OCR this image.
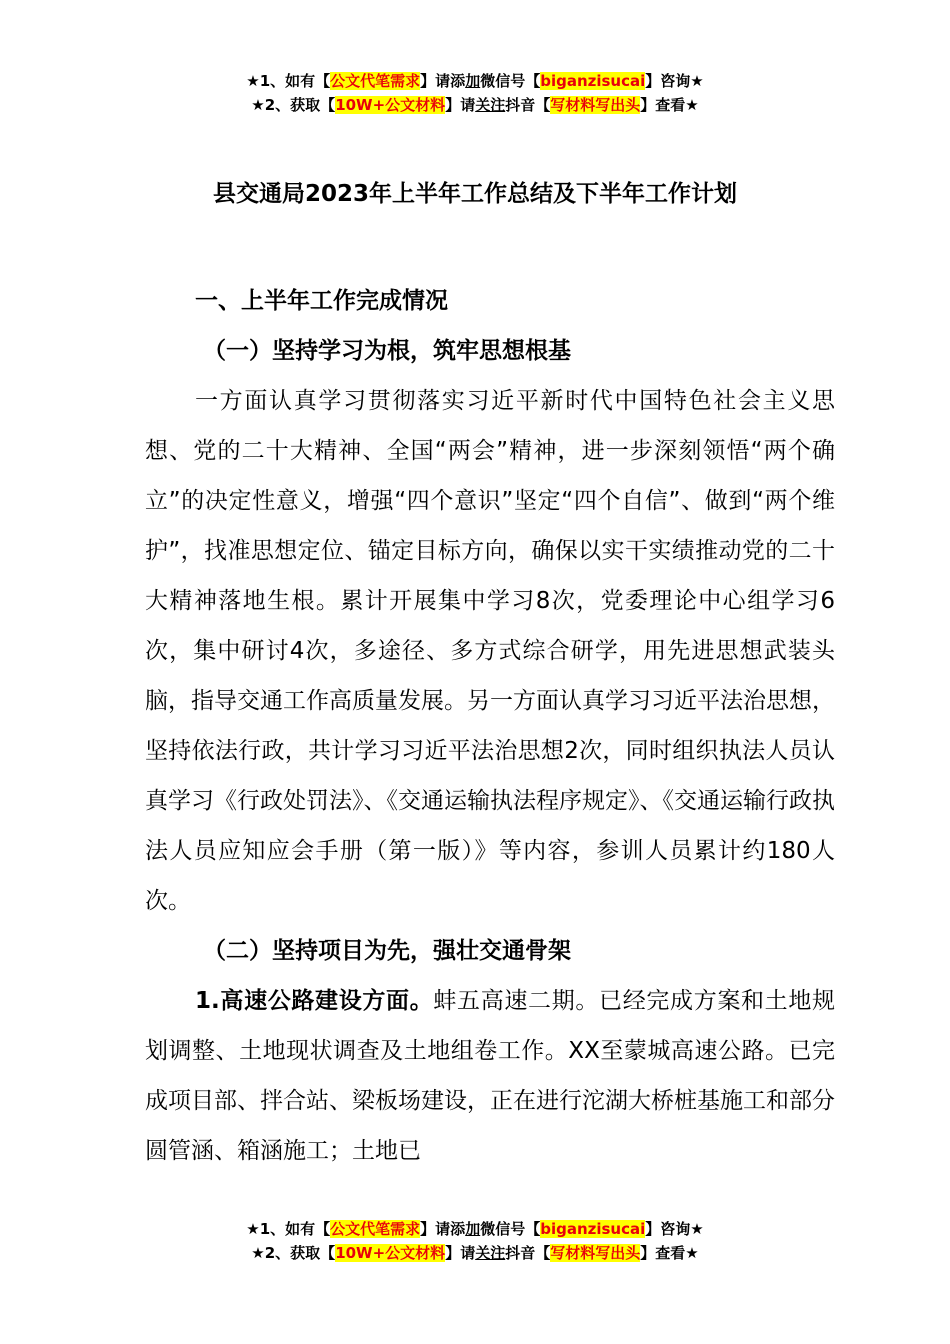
★1、如有【公文代笔需求】请添加微信号【biganzisucai】咨询★
★2、获取【10W+公文材料】请关注抖音【写材料写出头】查看★
县交通局2023年上半年工作总结及下半年工作计划
一、上半年工作完成情况
（一）坚持学习为根，筑牢思想根基
一方面认真学习贯彻落实习近平新时代中国特色社会主义思想、党的二十大精神、全国“两会”精神，进一步深刻领悟“两个确立”的决定性意义，增强“四个意识”坚定“四个自信”、做到“两个维护”，找准思想定位、锚定目标方向，确保以实干实绩推动党的二十大精神落地生根。累计开展集中学习8次，党委理论中心组学习6次，集中研讨4次，多途径、多方式综合研学，用先进思想武装头脑，指导交通工作高质量发展。另一方面认真学习习近平法治思想，坚持依法行政，共计学习习近平法治思想2次，同时组织执法人员认真学习《行政处罚法》、《交通运输执法程序规定》、《交通运输行政执法人员应知应会手册（第一版）》等内容，参训人员累计约180人次。
（二）坚持项目为先，强壮交通骨架
1.高速公路建设方面。蚌五高速二期。已经完成方案和土地规划调整、土地现状调查及土地组卷工作。XX至蒙城高速公路。已完成项目部、拌合站、梁板场建设，正在进行沱湖大桥桩基施工和部分圆管涵、箱涵施工；土地已
★1、如有【公文代笔需求】请添加微信号【biganzisucai】咨询★
★2、获取【10W+公文材料】请关注抖音【写材料写出头】查看★
